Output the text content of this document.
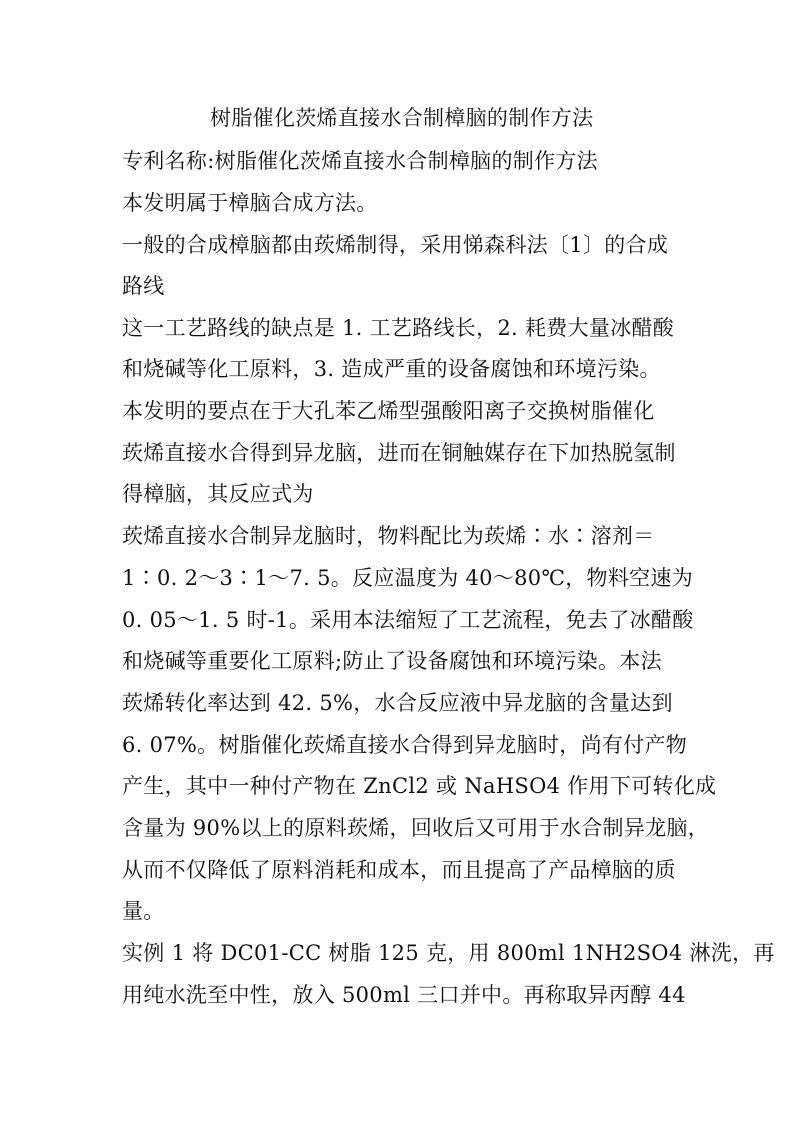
树脂催化茨烯直接水合制樟脑的制作方法
专利名称:树脂催化茨烯直接水合制樟脑的制作方法
本发明属于樟脑合成方法。
一般的合成樟脑都由莰烯制得，采用悌森科法〔1〕的合成
路线
这一工艺路线的缺点是 1. 工艺路线长，2. 耗费大量冰醋酸
和烧碱等化工原料，3. 造成严重的设备腐蚀和环境污染。
本发明的要点在于大孔苯乙烯型强酸阳离子交换树脂催化
莰烯直接水合得到异龙脑，进而在铜触媒存在下加热脱氢制
得樟脑，其反应式为
莰烯直接水合制异龙脑时，物料配比为莰烯∶水∶溶剂＝
1∶0. 2～3∶1～7. 5。反应温度为 40～80℃，物料空速为
0. 05～1. 5 时-1。采用本法缩短了工艺流程，免去了冰醋酸
和烧碱等重要化工原料;防止了设备腐蚀和环境污染。本法
莰烯转化率达到 42. 5%，水合反应液中异龙脑的含量达到
6. 07%。树脂催化莰烯直接水合得到异龙脑时，尚有付产物
产生，其中一种付产物在 ZnCl2 或 NaHSO4 作用下可转化成
含量为 90%以上的原料莰烯，回收后又可用于水合制异龙脑，
从而不仅降低了原料消耗和成本，而且提高了产品樟脑的质
量。
实例 1 将 DC01-CC 树脂 125 克，用 800ml 1NH2SO4 淋洗，再
用纯水洗至中性，放入 500ml 三口并中。再称取异丙醇 44
